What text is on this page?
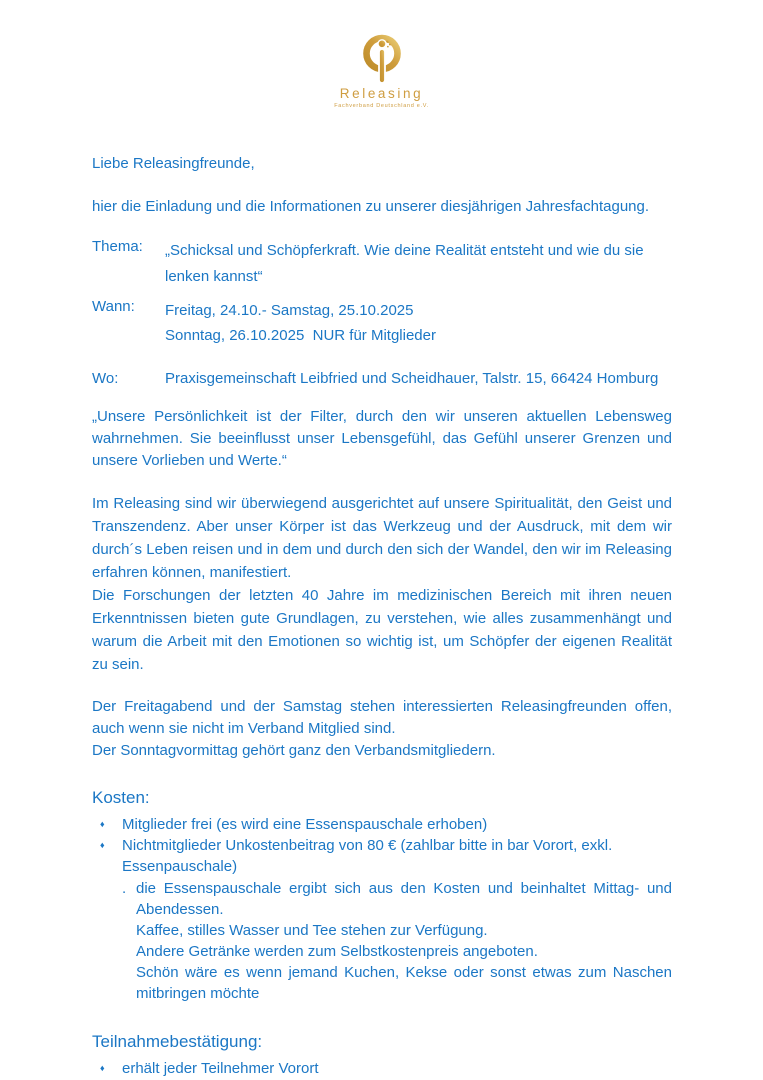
Releasing
Fachverband Deutschland e.V.
Liebe Releasingfreunde,
hier die Einladung und die Informationen zu unserer diesjährigen Jahresfachtagung.
Thema:	„Schicksal und Schöpferkraft. Wie deine Realität entsteht und wie du sie lenken kannst“
Wann:	Freitag, 24.10.- Samstag, 25.10.2025
Sonntag, 26.10.2025  NUR für Mitglieder
Wo:	Praxisgemeinschaft Leibfried und Scheidhauer, Talstr. 15, 66424 Homburg
„Unsere Persönlichkeit ist der Filter, durch den wir unseren aktuellen Lebensweg wahrnehmen. Sie beeinflusst unser Lebensgefühl, das Gefühl unserer Grenzen und unsere Vorlieben und Werte.“
Im Releasing sind wir überwiegend ausgerichtet auf unsere Spiritualität, den Geist und Transzendenz. Aber unser Körper ist das Werkzeug und der Ausdruck, mit dem wir durch´s Leben reisen und in dem und durch den sich der Wandel, den wir im Releasing erfahren können, manifestiert.
Die Forschungen der letzten 40 Jahre im medizinischen Bereich mit ihren neuen Erkenntnissen bieten gute Grundlagen, zu verstehen, wie alles zusammenhängt und warum die Arbeit mit den Emotionen so wichtig ist, um Schöpfer der eigenen Realität zu sein.
Der Freitagabend und der Samstag stehen interessierten Releasingfreunden offen, auch wenn sie nicht im Verband Mitglied sind.
Der Sonntagvormittag gehört ganz den Verbandsmitgliedern.
Kosten:
♦	Mitglieder frei (es wird eine Essenspauschale erhoben)
♦	Nichtmitglieder Unkostenbeitrag von 80 € (zahlbar bitte in bar Vorort, exkl.
Essenpauschale)
. die Essenspauschale ergibt sich aus den Kosten und beinhaltet Mittag- und Abendessen.
Kaffee, stilles Wasser und Tee stehen zur Verfügung.
Andere Getränke werden zum Selbstkostenpreis angeboten.
Schön wäre es wenn jemand Kuchen, Kekse oder sonst etwas zum Naschen mitbringen möchte
Teilnahmebestätigung:
♦	erhält jeder Teilnehmer Vorort
